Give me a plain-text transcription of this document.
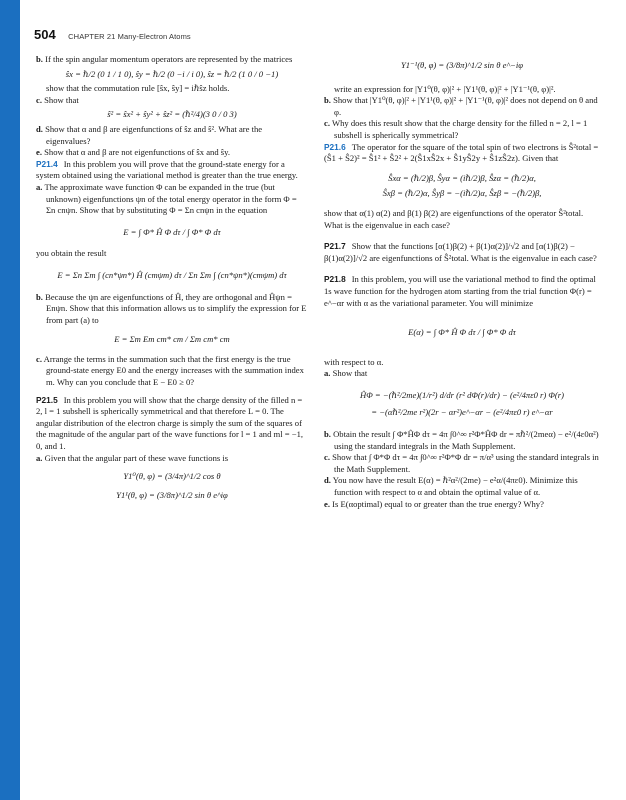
504 CHAPTER 21 Many-Electron Atoms

b. If the spin angular momentum operators are represented by the matrices

ŝx = ℏ/2 (0 1 / 1 0), ŝy = ℏ/2 (0 −i / i 0), ŝz = ℏ/2 (1 0 / 0 −1)

show that the commutation rule [ŝx, ŝy] = iℏŝz holds.

c. Show that

ŝ² = ŝx² + ŝy² + ŝz² = (ℏ²/4)(3 0 / 0 3)

d. Show that α and β are eigenfunctions of ŝz and ŝ². What are the eigenvalues?

e. Show that α and β are not eigenfunctions of ŝx and ŝy.

P21.4 In this problem you will prove that the ground-state energy for a system obtained using the variational method is greater than the true energy.

a. The approximate wave function Φ can be expanded in the true (but unknown) eigenfunctions ψn of the total energy operator in the form Φ = Σn cnψn. Show that by substituting Φ = Σn cnψn in the equation

E = ∫ Φ* Ĥ Φ dτ / ∫ Φ* Φ dτ

you obtain the result

E = Σn Σm ∫ (cn*ψn*) Ĥ (cmψm) dτ / Σn Σm ∫ (cn*ψn*)(cmψm) dτ

b. Because the ψn are eigenfunctions of Ĥ, they are orthogonal and Ĥψn = Enψn. Show that this information allows us to simplify the expression for E from part (a) to

E = Σm Em cm* cm / Σm cm* cm

c. Arrange the terms in the summation such that the first energy is the true ground-state energy E0 and the energy increases with the summation index m. Why can you conclude that E − E0 ≥ 0?

P21.5 In this problem you will show that the charge density of the filled n = 2, l = 1 subshell is spherically symmetrical and that therefore L = 0. The angular distribution of the electron charge is simply the sum of the squares of the magnitude of the angular part of the wave functions for l = 1 and ml = −1, 0, and 1.

a. Given that the angular part of these wave functions is

Y1⁰(θ, φ) = (3/4π)^1/2 cos θ

Y1¹(θ, φ) = (3/8π)^1/2 sin θ e^iφ

Y1⁻¹(θ, φ) = (3/8π)^1/2 sin θ e^−iφ

write an expression for |Y1⁰(θ, φ)|² + |Y1¹(θ, φ)|² + |Y1⁻¹(θ, φ)|².

b. Show that |Y1⁰(θ, φ)|² + |Y1¹(θ, φ)|² + |Y1⁻¹(θ, φ)|² does not depend on θ and φ.

c. Why does this result show that the charge density for the filled n = 2, l = 1 subshell is spherically symmetrical?

P21.6 The operator for the square of the total spin of two electrons is Ŝ²total = (Ŝ1 + Ŝ2)² = Ŝ1² + Ŝ2² + 2(Ŝ1xŜ2x + Ŝ1yŜ2y + Ŝ1zŜ2z). Given that

Ŝxα = (ℏ/2)β, Ŝyα = (iℏ/2)β, Ŝzα = (ℏ/2)α,

Ŝxβ = (ℏ/2)α, Ŝyβ = −(iℏ/2)α, Ŝzβ = −(ℏ/2)β,

show that α(1) α(2) and β(1) β(2) are eigenfunctions of the operator Ŝ²total. What is the eigenvalue in each case?

P21.7 Show that the functions [α(1)β(2) + β(1)α(2)]/√2 and [α(1)β(2) − β(1)α(2)]/√2 are eigenfunctions of Ŝ²total. What is the eigenvalue in each case?

P21.8 In this problem, you will use the variational method to find the optimal 1s wave function for the hydrogen atom starting from the trial function Φ(r) = e^−αr with α as the variational parameter. You will minimize

E(α) = ∫ Φ* Ĥ Φ dτ / ∫ Φ* Φ dτ

with respect to α.

a. Show that

ĤΦ = −(ℏ²/2me)(1/r²) d/dr (r² dΦ(r)/dr) − (e²/4πε0 r) Φ(r)

= −(αℏ²/2me r²)(2r − αr²)e^−αr − (e²/4πε0 r) e^−αr

b. Obtain the result ∫ Φ*ĤΦ dτ = 4π ∫0^∞ r²Φ*ĤΦ dr = πℏ²/(2meα) − e²/(4ε0α²) using the standard integrals in the Math Supplement.

c. Show that ∫ Φ*Φ dτ = 4π ∫0^∞ r²Φ*Φ dr = π/α³ using the standard integrals in the Math Supplement.

d. You now have the result E(α) = ℏ²α²/(2me) − e²α/(4πε0). Minimize this function with respect to α and obtain the optimal value of α.

e. Is E(αoptimal) equal to or greater than the true energy? Why?
